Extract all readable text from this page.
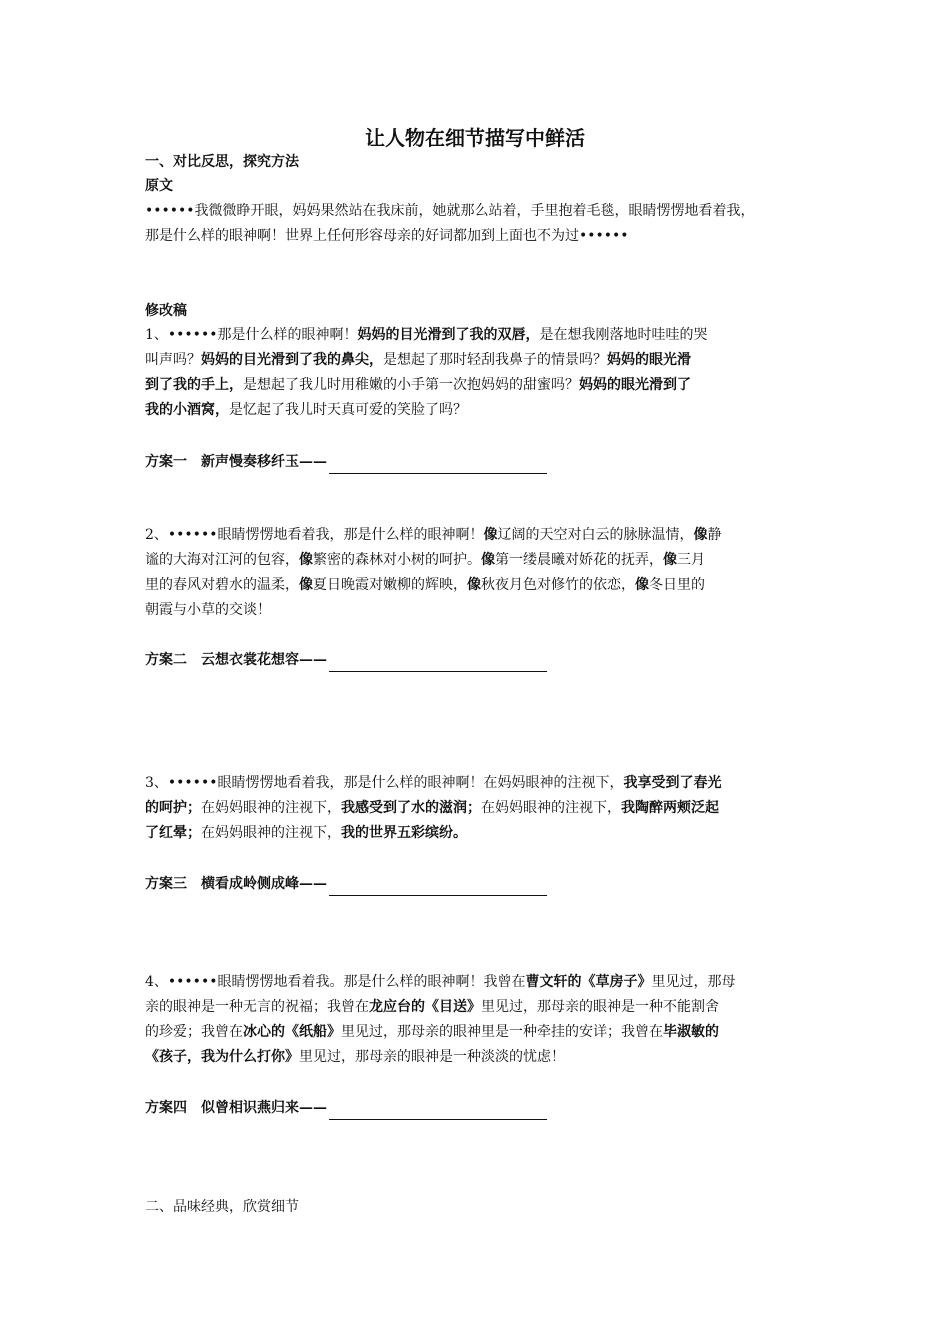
让人物在细节描写中鲜活
一、对比反思，探究方法
原文
••••••我微微睁开眼，妈妈果然站在我床前，她就那么站着，手里抱着毛毯，眼睛愣愣地看着我，
那是什么样的眼神啊！世界上任何形容母亲的好词都加到上面也不为过••••••
修改稿
1、••••••那是什么样的眼神啊！妈妈的目光滑到了我的双唇，是在想我刚落地时哇哇的哭
叫声吗？妈妈的目光滑到了我的鼻尖，是想起了那时轻刮我鼻子的情景吗？妈妈的眼光滑
到了我的手上，是想起了我儿时用稚嫩的小手第一次抱妈妈的甜蜜吗？妈妈的眼光滑到了
我的小酒窝，是忆起了我儿时天真可爱的笑脸了吗？
方案一　新声慢奏移纤玉——
2、••••••眼睛愣愣地看着我，那是什么样的眼神啊！像辽阔的天空对白云的脉脉温情，像静
谧的大海对江河的包容，像繁密的森林对小树的呵护。像第一缕晨曦对娇花的抚弄，像三月
里的春风对碧水的温柔，像夏日晚霞对嫩柳的辉映，像秋夜月色对修竹的依恋，像冬日里的
朝霞与小草的交谈！
方案二　云想衣裳花想容——
3、••••••眼睛愣愣地看着我，那是什么样的眼神啊！在妈妈眼神的注视下，我享受到了春光
的呵护；在妈妈眼神的注视下，我感受到了水的滋润；在妈妈眼神的注视下，我陶醉两颊泛起
了红晕；在妈妈眼神的注视下，我的世界五彩缤纷。
方案三　横看成岭侧成峰——
4、••••••眼睛愣愣地看着我。那是什么样的眼神啊！我曾在曹文轩的《草房子》里见过，那母
亲的眼神是一种无言的祝福；我曾在龙应台的《目送》里见过，那母亲的眼神是一种不能割舍
的珍爱；我曾在冰心的《纸船》里见过，那母亲的眼神里是一种牵挂的安详；我曾在毕淑敏的
《孩子，我为什么打你》里见过，那母亲的眼神是一种淡淡的忧虑！
方案四　似曾相识燕归来——
二、品味经典，欣赏细节
